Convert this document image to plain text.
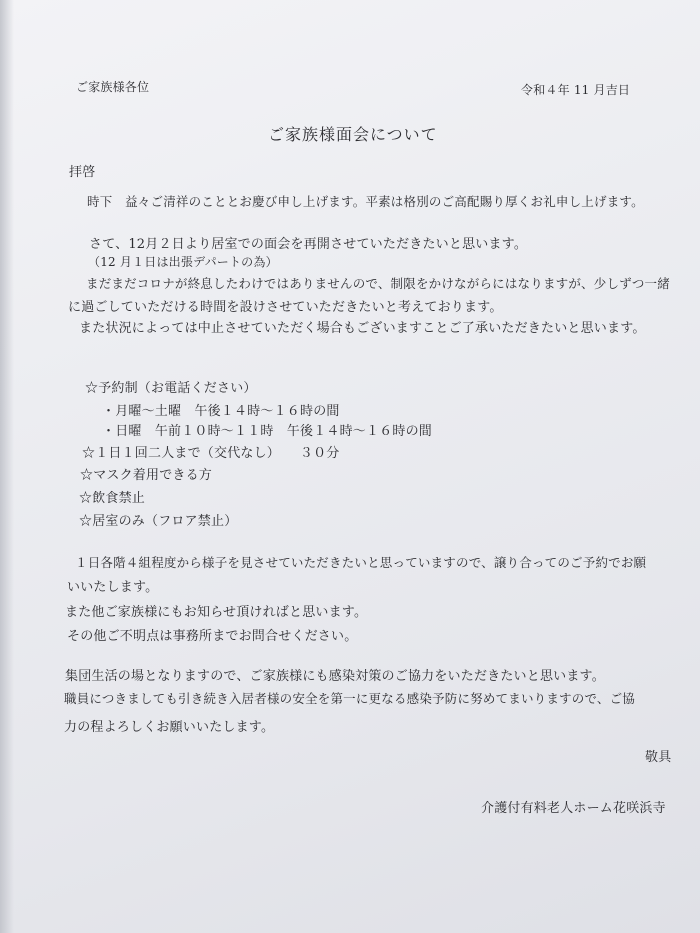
ご家族様各位	令和４年 11 月吉日
ご家族様面会について
拝啓
時下　益々ご清祥のこととお慶び申し上げます。平素は格別のご高配賜り厚くお礼申し上げます。
さて、12月２日より居室での面会を再開させていただきたいと思います。
（12 月１日は出張デパートの為）
まだまだコロナが終息したわけではありませんので、制限をかけながらにはなりますが、少しずつ一緒
に過ごしていただける時間を設けさせていただきたいと考えております。
また状況によっては中止させていただく場合もございますことご了承いただきたいと思います。
☆予約制（お電話ください）
・月曜～土曜　午後１４時～１６時の間
・日曜　午前１０時～１１時　午後１４時～１６時の間
☆１日１回二人まで（交代なし）　　３０分
☆マスク着用できる方
☆飲食禁止
☆居室のみ（フロア禁止）
１日各階４組程度から様子を見させていただきたいと思っていますので、譲り合ってのご予約でお願
いいたします。
また他ご家族様にもお知らせ頂ければと思います。
その他ご不明点は事務所までお問合せください。
集団生活の場となりますので、ご家族様にも感染対策のご協力をいただきたいと思います。
職員につきましても引き続き入居者様の安全を第一に更なる感染予防に努めてまいりますので、ご協
力の程よろしくお願いいたします。
敬具
介護付有料老人ホーム花咲浜寺
